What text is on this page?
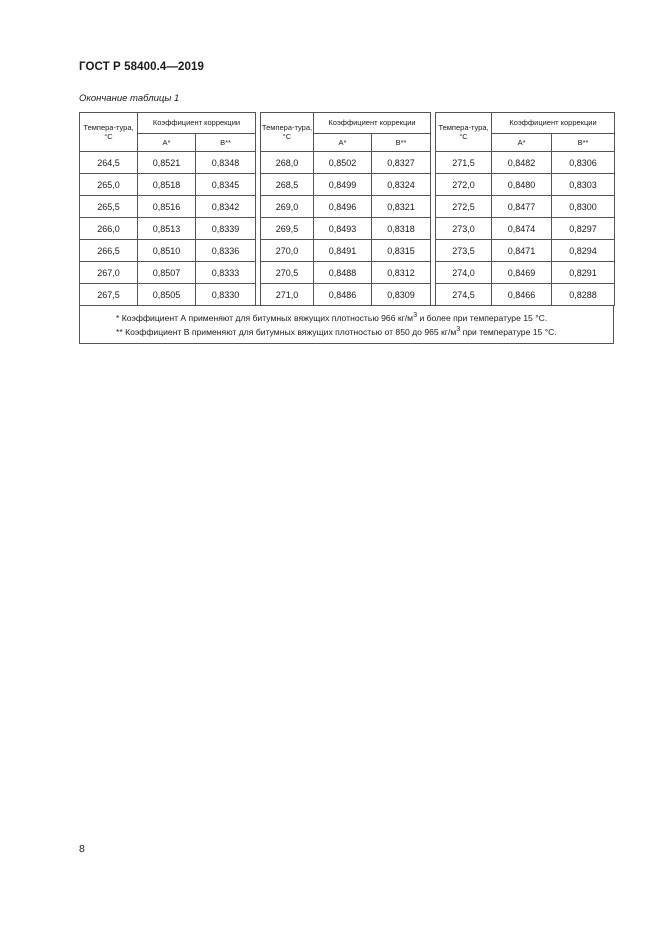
ГОСТ Р 58400.4—2019
Окончание таблицы 1
Темпера-тура, °С	Коэффициент коррекции			Темпера-тура, °С	Коэффициент коррекции			Темпера-тура, °С	Коэффициент коррекции	
	A*	B**			A*	B**			A*	B**
264,5	0,8521	0,8348		268,0	0,8502	0,8327		271,5	0,8482	0,8306
265,0	0,8518	0,8345		268,5	0,8499	0,8324		272,0	0,8480	0,8303
265,5	0,8516	0,8342		269,0	0,8496	0,8321		272,5	0,8477	0,8300
266,0	0,8513	0,8339		269,5	0,8493	0,8318		273,0	0,8474	0,8297
266,5	0,8510	0,8336		270,0	0,8491	0,8315		273,5	0,8471	0,8294
267,0	0,8507	0,8333		270,5	0,8488	0,8312		274,0	0,8469	0,8291
267,5	0,8505	0,8330		271,0	0,8486	0,8309		274,5	0,8466	0,8288

* Коэффициент А применяют для битумных вяжущих плотностью 966 $кг/м^3$ и более при температуре 15 °С.

** Коэффициент В применяют для битумных вяжущих плотностью от 850 до 965 $кг/м^3$ при температуре 15 °С.

8
